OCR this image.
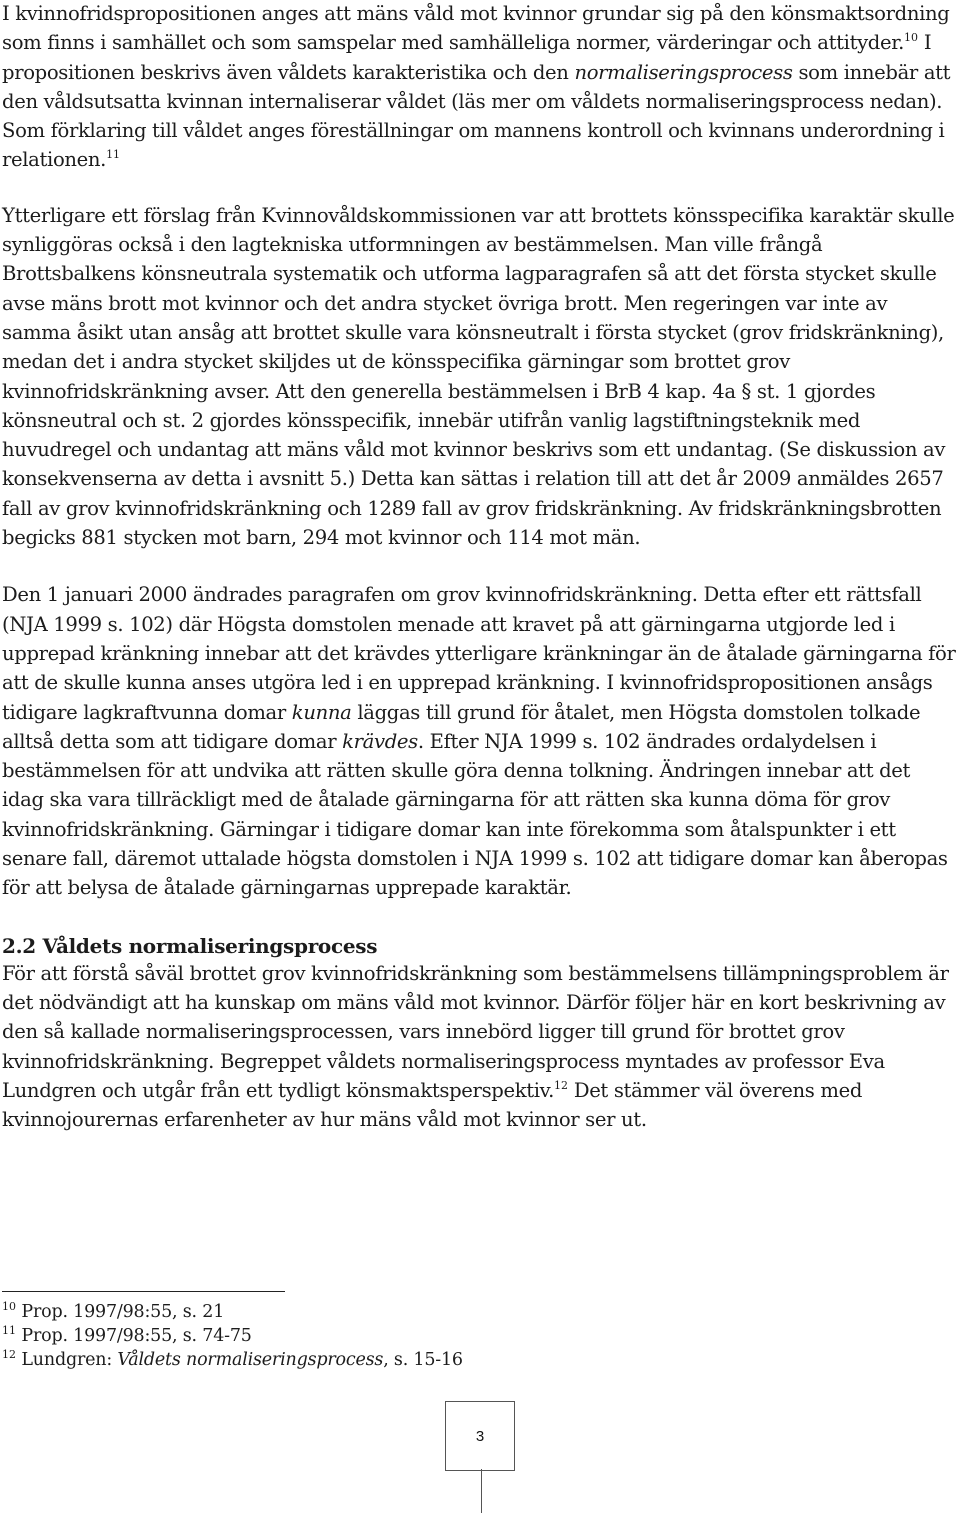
I kvinnofridspropositionen anges att mäns våld mot kvinnor grundar sig på den könsmaktsordning som finns i samhället och som samspelar med samhälleliga normer, värderingar och attityder.$^{10}$ I propositionen beskrivs även våldets karakteristika och den normaliseringsprocess som innebär att den våldsutsatta kvinnan internaliserar våldet (läs mer om våldets normaliseringsprocess nedan). Som förklaring till våldet anges föreställningar om mannens kontroll och kvinnans underordning i relationen.$^{11}$

Ytterligare ett förslag från Kvinnovåldskommissionen var att brottets könsspecifika karaktär skulle synliggöras också i den lagtekniska utformningen av bestämmelsen. Man ville frångå Brottsbalkens könsneutrala systematik och utforma lagparagrafen så att det första stycket skulle avse mäns brott mot kvinnor och det andra stycket övriga brott. Men regeringen var inte av samma åsikt utan ansåg att brottet skulle vara könsneutralt i första stycket (grov fridskränkning), medan det i andra stycket skiljdes ut de könsspecifika gärningar som brottet grov kvinnofridskränkning avser. Att den generella bestämmelsen i BrB 4 kap. 4a § st. 1 gjordes könsneutral och st. 2 gjordes könsspecifik, innebär utifrån vanlig lagstiftningsteknik med huvudregel och undantag att mäns våld mot kvinnor beskrivs som ett undantag. (Se diskussion av konsekvenserna av detta i avsnitt 5.) Detta kan sättas i relation till att det år 2009 anmäldes 2657 fall av grov kvinnofridskränkning och 1289 fall av grov fridskränkning. Av fridskränkningsbrotten begicks 881 stycken mot barn, 294 mot kvinnor och 114 mot män.

Den 1 januari 2000 ändrades paragrafen om grov kvinnofridskränkning. Detta efter ett rättsfall (NJA 1999 s. 102) där Högsta domstolen menade att kravet på att gärningarna utgjorde led i upprepad kränkning innebar att det krävdes ytterligare kränkningar än de åtalade gärningarna för att de skulle kunna anses utgöra led i en upprepad kränkning. I kvinnofridspropositionen ansågs tidigare lagkraftvunna domar kunna läggas till grund för åtalet, men Högsta domstolen tolkade alltså detta som att tidigare domar krävdes. Efter NJA 1999 s. 102 ändrades ordalydelsen i bestämmelsen för att undvika att rätten skulle göra denna tolkning. Ändringen innebar att det idag ska vara tillräckligt med de åtalade gärningarna för att rätten ska kunna döma för grov kvinnofridskränkning. Gärningar i tidigare domar kan inte förekomma som åtalspunkter i ett senare fall, däremot uttalade högsta domstolen i NJA 1999 s. 102 att tidigare domar kan åberopas för att belysa de åtalade gärningarnas upprepade karaktär.

2.2 Våldets normaliseringsprocess

För att förstå såväl brottet grov kvinnofridskränkning som bestämmelsens tillämpningsproblem är det nödvändigt att ha kunskap om mäns våld mot kvinnor. Därför följer här en kort beskrivning av den så kallade normaliseringsprocessen, vars innebörd ligger till grund för brottet grov kvinnofridskränkning. Begreppet våldets normaliseringsprocess myntades av professor Eva Lundgren och utgår från ett tydligt könsmaktsperspektiv.$^{12}$ Det stämmer väl överens med kvinnojourernas erfarenheter av hur mäns våld mot kvinnor ser ut.

$^{10}$ Prop. 1997/98:55, s. 21

$^{11}$ Prop. 1997/98:55, s. 74-75

$^{12}$ Lundgren: Våldets normaliseringsprocess, s. 15-16

3
